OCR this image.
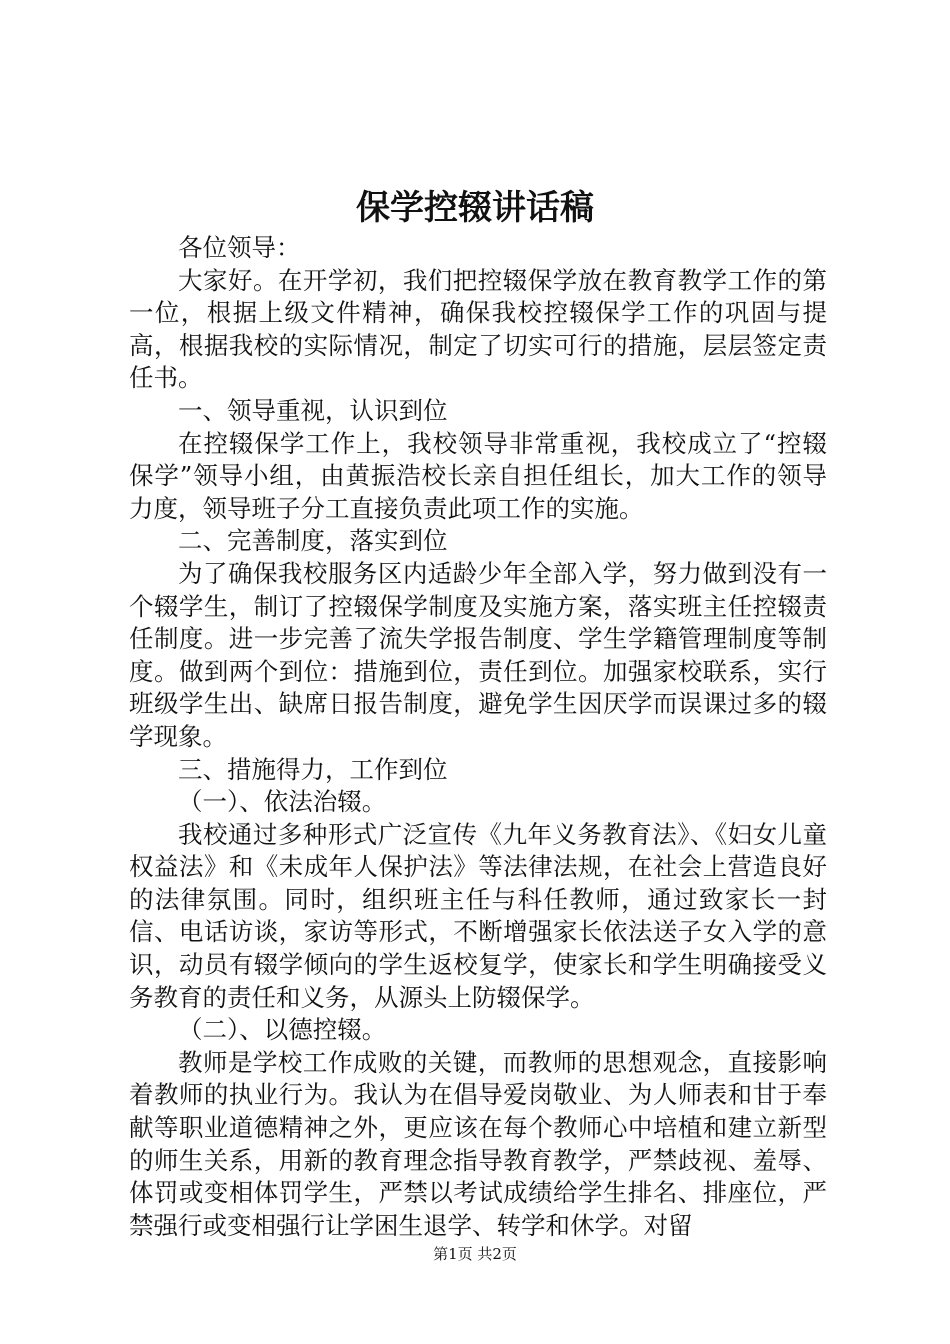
保学控辍讲话稿

各位领导：

大家好。在开学初，我们把控辍保学放在教育教学工作的第一位，根据上级文件精神，确保我校控辍保学工作的巩固与提高，根据我校的实际情况，制定了切实可行的措施，层层签定责任书。

一、领导重视，认识到位

在控辍保学工作上，我校领导非常重视，我校成立了“控辍保学”领导小组，由黄振浩校长亲自担任组长，加大工作的领导力度，领导班子分工直接负责此项工作的实施。

二、完善制度，落实到位

为了确保我校服务区内适龄少年全部入学，努力做到没有一个辍学生，制订了控辍保学制度及实施方案，落实班主任控辍责任制度。进一步完善了流失学报告制度、学生学籍管理制度等制度。做到两个到位：措施到位，责任到位。加强家校联系，实行班级学生出、缺席日报告制度，避免学生因厌学而误课过多的辍学现象。

三、措施得力，工作到位

（一）、依法治辍。

我校通过多种形式广泛宣传《九年义务教育法》、《妇女儿童权益法》和《未成年人保护法》等法律法规，在社会上营造良好的法律氛围。同时，组织班主任与科任教师，通过致家长一封信、电话访谈，家访等形式，不断增强家长依法送子女入学的意识，动员有辍学倾向的学生返校复学，使家长和学生明确接受义务教育的责任和义务，从源头上防辍保学。

（二）、以德控辍。

教师是学校工作成败的关键，而教师的思想观念，直接影响着教师的执业行为。我认为在倡导爱岗敬业、为人师表和甘于奉献等职业道德精神之外，更应该在每个教师心中培植和建立新型的师生关系，用新的教育理念指导教育教学，严禁歧视、羞辱、体罚或变相体罚学生，严禁以考试成绩给学生排名、排座位，严禁强行或变相强行让学困生退学、转学和休学。对留

第1页 共2页
